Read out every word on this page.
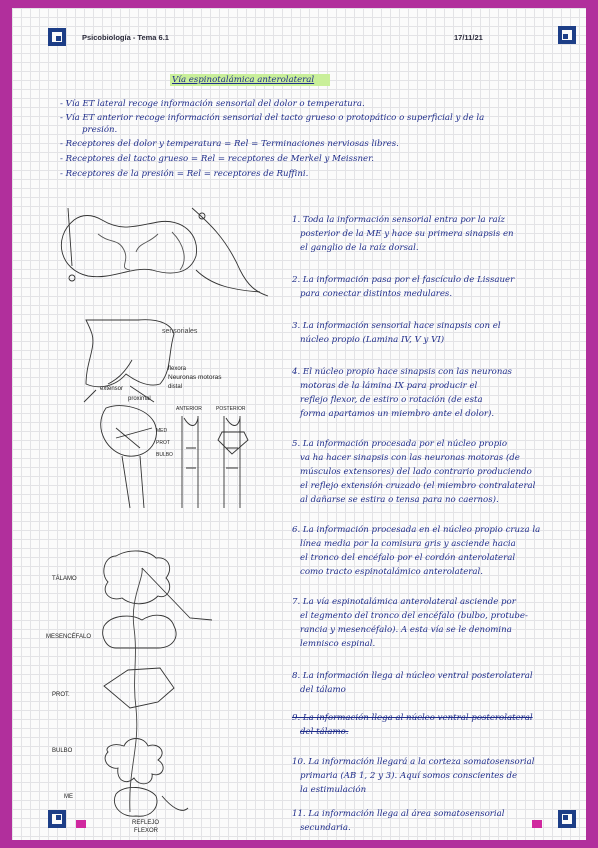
Psicobiología - Tema 6.1	17/11/21
Vía espinotalámica anterolateral
- Vía ET lateral recoge información sensorial del dolor o temperatura.
- Vía ET anterior recoge información sensorial del tacto grueso o protopático o superficial y de la
presión.
- Receptores del dolor y temperatura = Rel = Terminaciones nerviosas libres.
- Receptores del tacto grueso = Rel = receptores de Merkel y Meissner.
- Receptores de la presión = Rel = receptores de Ruffini.
1. Toda la información sensorial entra por la raíz
posterior de la ME y hace su primera sinapsis en
el ganglio de la raíz dorsal.
2. La información pasa por el fascículo de Lissauer
para conectar distintos medulares.
3. La información sensorial hace sinapsis con el
núcleo propio (Lamina IV, V y VI)
4. El núcleo propio hace sinapsis con las neuronas
motoras de la lámina IX para producir el
reflejo flexor, de estiro o rotación (de esta
forma apartamos un miembro ante el dolor).
5. La información procesada por el núcleo propio
va ha hacer sinapsis con las neuronas motoras (de
músculos extensores) del lado contrario produciendo
el reflejo extensión cruzado (el miembro contralateral
al dañarse se estira o tensa para no caernos).
6. La información procesada en el núcleo propio cruza la
línea media por la comisura gris y asciende hacia
el tronco del encéfalo por el cordón anterolateral
como tracto espinotalámico anterolateral.
7. La vía espinotalámica anterolateral asciende por
el tegmento del tronco del encéfalo (bulbo, protube-
rancia y mesencéfalo). A esta vía se le denomina
lemnisco espinal.
8. La información llega al núcleo ventral posterolateral
del tálamo
9. La información llega al núcleo ventral posterolateral
del tálamo.
10. La información llegará a la corteza somatosensorial
primaria (AB 1, 2 y 3). Aquí somos conscientes de
la estimulación
11. La información llega al área somatosensorial
secundaria.
sensoriales
flexora
Neuronas motoras
distal
extensor
proximal
ANTERIOR	POSTERIOR
MED
PROT
BULBO
TÁLAMO
MESENCÉFALO
PROT.
BULBO
ME
REFLEJO
FLEXOR
